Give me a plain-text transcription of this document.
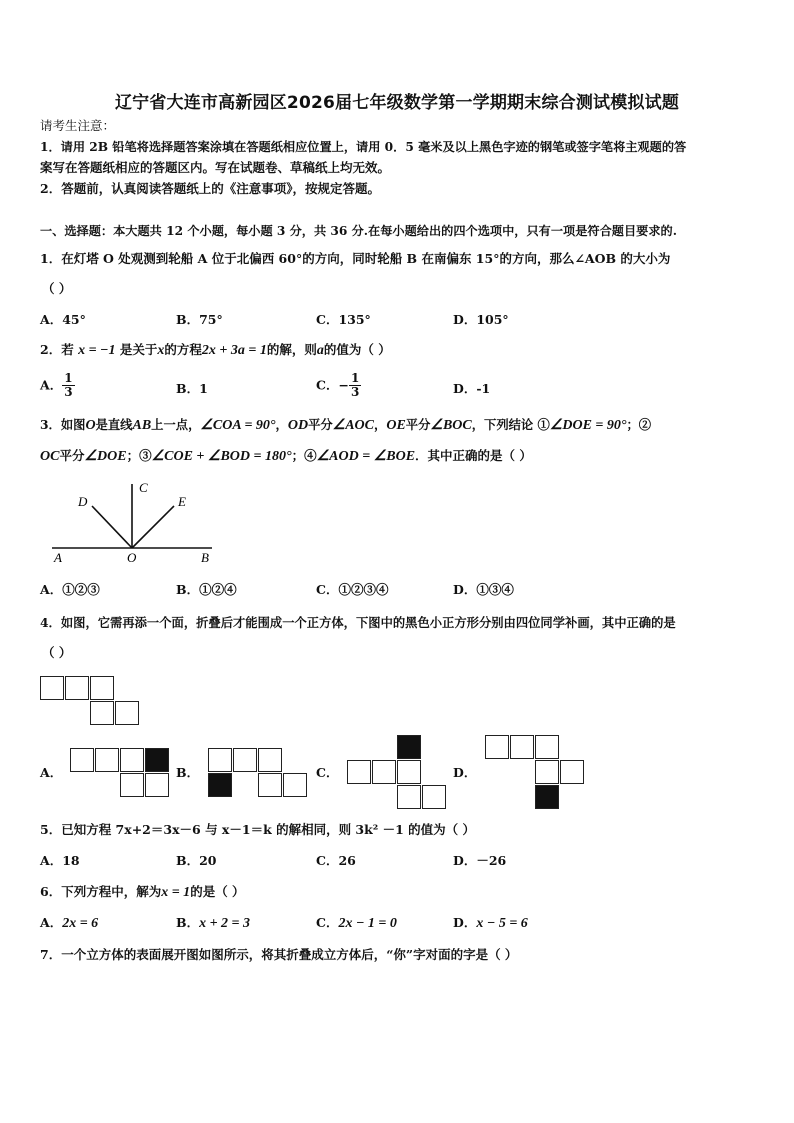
辽宁省大连市高新园区2026届七年级数学第一学期期末综合测试模拟试题
请考生注意：
1．请用 2B 铅笔将选择题答案涂填在答题纸相应位置上，请用 0．5 毫米及以上黑色字迹的钢笔或签字笔将主观题的答
案写在答题纸相应的答题区内。写在试题卷、草稿纸上均无效。
2．答题前，认真阅读答题纸上的《注意事项》，按规定答题。
一、选择题：本大题共 12 个小题，每小题 3 分，共 36 分.在每小题给出的四个选项中，只有一项是符合题目要求的.
1．在灯塔 O 处观测到轮船 A 位于北偏西 60°的方向，同时轮船 B 在南偏东 15°的方向，那么∠AOB 的大小为
（ ）
A．45°	B．75°	C．135°	D．105°
2．若 x = −1 是关于x的方程2x + 3a = 1的解，则a的值为（ ）
A． $\frac{1}{3}$	B．1	C．− $\frac{1}{3}$	D．-1
3．如图O是直线AB上一点，∠COA = 90°，OD平分∠AOC，OE平分∠BOC，下列结论 ①∠DOE = 90°；②
OC平分∠DOE；③∠COE + ∠BOD = 180°；④∠AOD = ∠BOE．其中正确的是（ ）
A	O	B
C
D	E
A．①②③	B．①②④	C．①②③④	D．①③④
4．如图，它需再添一个面，折叠后才能围成一个正方体，下图中的黑色小正方形分别由四位同学补画，其中正确的是
（ ）
A．	B．	C．	D．
5．已知方程 7x+2＝3x－6 与 x－1＝k 的解相同，则 3k² －1 的值为（ ）
A．18	B．20	C．26	D．－26
6．下列方程中，解为x = 1的是（ ）
A．2x = 6	B．x + 2 = 3	C．2x − 1 = 0	D．x − 5 = 6
7．一个立方体的表面展开图如图所示，将其折叠成立方体后，“你”字对面的字是（ ）
